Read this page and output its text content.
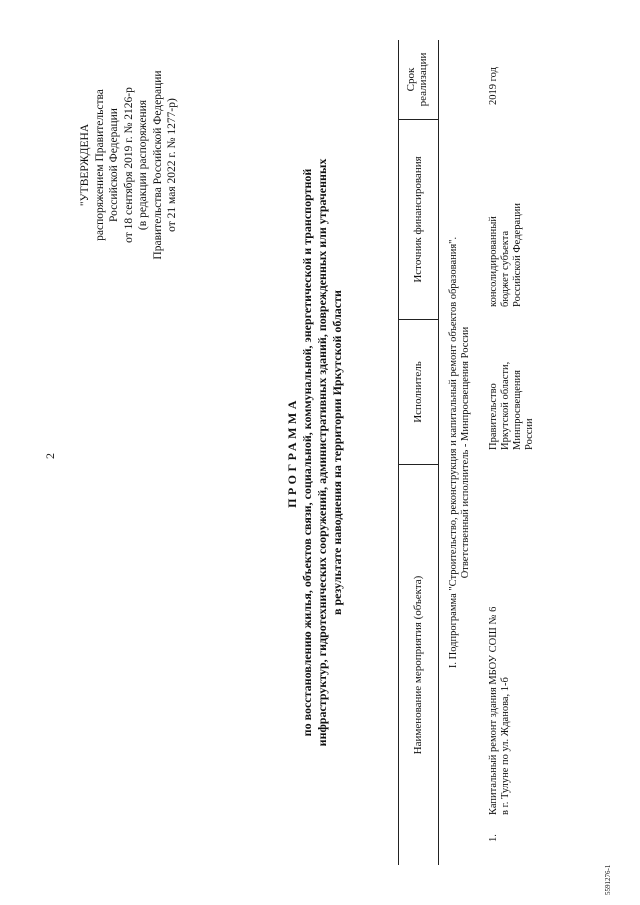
2
5591276-1
"УТВЕРЖДЕНА распоряжением Правительства Российской Федерации от 18 сентября 2019 г. № 2126-р (в редакции распоряжения Правительства Российской Федерации от 21 мая 2022 г. № 1277-р)
ПРОГРАММА по восстановлению жилья, объектов связи, социальной, коммунальной, энергетической и транспортной инфраструктур, гидротехнических сооружений, административных зданий, поврежденных или утраченных в результате наводнения на территории Иркутской области
Наименование мероприятия (объекта)
Исполнитель
Источник финансирования
Срок реализации
I. Подпрограмма "Строительство, реконструкция и капитальный ремонт объектов образования". Ответственный исполнитель - Минпросвещения России
1.
Капитальный ремонт здания МБОУ СОШ № 6 в г. Тулуне по ул. Жданова, 1-б
Правительство Иркутской области, Минпросвещения России
консолидированный бюджет субъекта Российской Федерации
2019 год
